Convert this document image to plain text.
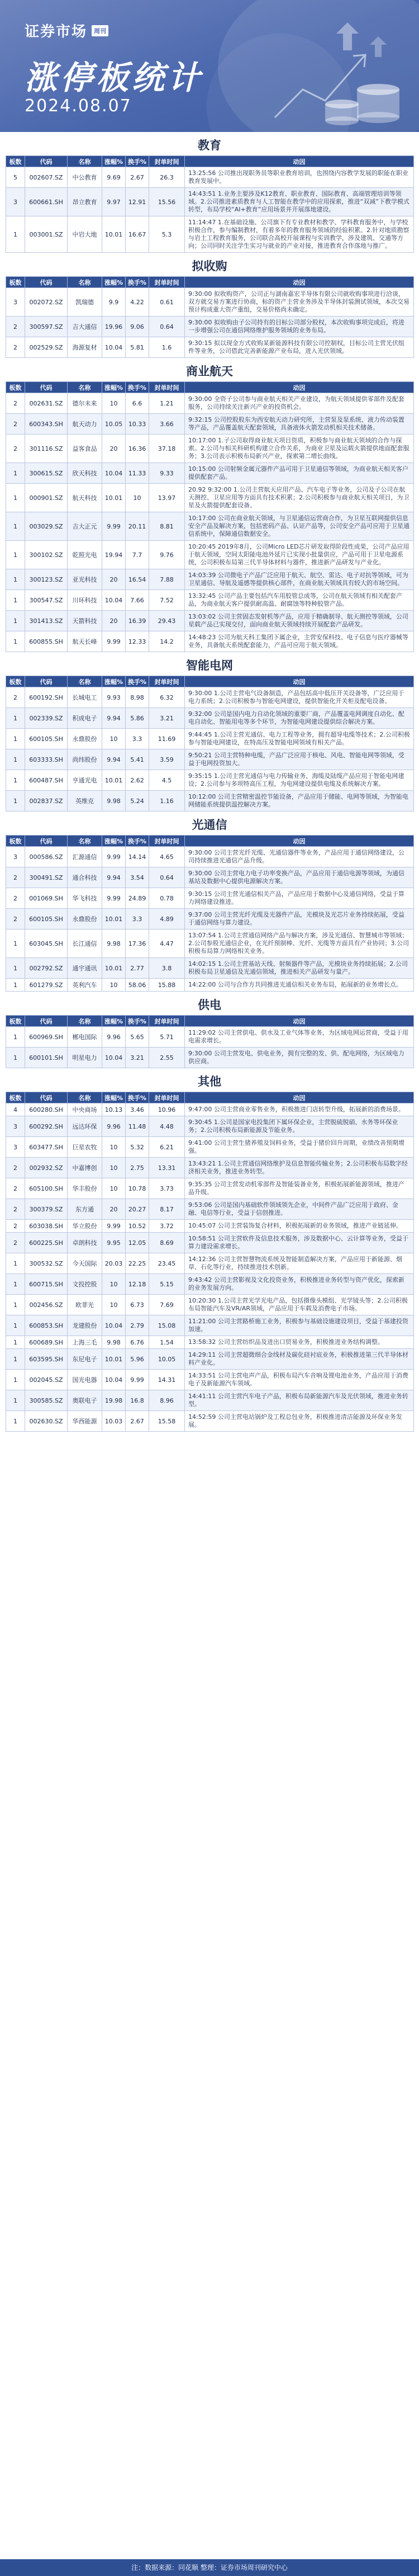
证券市场	周刊
涨停板统计
2024.08.07
教育
板数	代码	名称	涨幅%	换手%	封单时间	动因
5	002607.SZ	中公教育	9.69	2.67	26.3	13:25:56 公司推出现职务员等职业教育培训，也围绕内容教学发展的职能在职业教育发展中。
3	600661.SH	昂立教育	9.97	12.91	15.56	14:43:51 1.业务主要涉及K12教育、职业教育、国际教育、高端管理培训等领域。2.公司推进素质教育与人工智能在教学中的应用探索，推进“双减”下教学模式转型，布局学校“AI+教育”应用场景并开展落地建设。
1	003001.SZ	中岩大地	10.01	16.67	5.3	11:14:47 1.在基础设施、公司旗下有专业教材和教学、学科教育服务中，与学校积极合作，参与编制教材，有着多年的教育服务领域的经验积累。2.针对地质勘察与岩土工程教育服务，公司联合高校开展课程与实训教学，涉及建筑、交通等方向；公司同时关注学生实习与就业的产业对接，推进教育合作落地与推广。
拟收购
板数	代码	名称	涨幅%	换手%	封单时间	动因
3	002072.SZ	凯瑞德	9.9	4.22	0.61	9:30:00 拟收购资产，公司正与湖南嘉宏半导体有限公司就收购事项进行洽谈，双方就交易方案进行协商，标的资产主营业务涉及半导体封装测试领域，本次交易预计构成重大资产重组，交易价格尚未确定。
2	300597.SZ	吉大通信	19.96	9.06	0.64	9:30:00 拟收购由子公司持有的目标公司部分股权，本次收购事项完成后，将进一步增强公司在通信网络维护服务领域的业务布局。
2	002529.SZ	海源复材	10.04	5.81	1.6	9:30:15 拟以现金方式收购某新能源科技有限公司控制权，目标公司主营光伏组件等业务，公司借此完善新能源产业布局，进入光伏领域。
商业航天
板数	代码	名称	涨幅%	换手%	封单时间	动因
2	002631.SZ	德尔未来	10	6.6	1.21	9:30:00 全资子公司参与商业航天相关产业建设，为航天领域提供零部件及配套服务，公司持续关注新兴产业的投资机会。
2	600343.SH	航天动力	10.05	10.33	3.66	9:32:15 公司控股股东为西安航天动力研究所，主营泵及泵系统、液力传动装置等产品，产品覆盖航天配套领域，具备液体火箭发动机相关技术储备。
2	301116.SZ	益客食品	20	16.36	37.18	10:17:00 1.子公司取得商业航天项目资质，积极参与商业航天领域的合作与探索。2.公司与相关科研机构建立合作关系，为商业卫星及运载火箭提供地面配套服务；3.公司表示积极布局新兴产业，探索第二增长曲线。
1	300615.SZ	欣天科技	10.04	11.33	9.33	10:15:00 公司射频金属元器件产品可用于卫星通信等领域，为商业航天相关客户提供配套产品。
1	000901.SZ	航天科技	10.01	10	13.97	20.92 9:32:00 1.公司主营航天应用产品、汽车电子等业务，公司及子公司在航天测控、卫星应用等方面具有技术积累；2.公司积极参与商业航天相关项目，为卫星及火箭提供配套设备。
1	003029.SZ	吉大正元	9.99	20.11	8.81	10:17:00 公司在商业航天领域，与卫星通信运营商合作，为卫星互联网提供信息安全产品及解决方案，包括密码产品、认证产品等，公司安全产品可应用于卫星通信系统中，保障通信数据安全。
1	300102.SZ	乾照光电	19.94	7.7	9.76	10:20:45 2019年8月，公司Micro LED芯片研发取得阶段性成果，公司产品应用于航天领域，空间太阳能电池外延片已实现小批量供应，产品可用于卫星电源系统，公司积极布局第三代半导体材料与器件，推进新产品研发与产业化。
1	300123.SZ	亚光科技	20	16.54	7.88	14:03:39 公司微电子产品广泛应用于航天、航空、雷达、电子对抗等领域，可为卫星通信、导航及遥感等提供核心部件，在商业航天领域具有较大的市场空间。
1	300547.SZ	川环科技	10.04	7.66	7.52	13:32:45 公司产品主要包括汽车用胶管总成等，公司在航天领域有相关配套产品，为商业航天客户提供耐高温、耐腐蚀等特种胶管产品。
1	301413.SZ	天箭科技	20	16.39	29.43	13:03:02 公司主营固态发射机等产品，应用于精确制导、航天测控等领域，公司星载产品已实现交付，面向商业航天领域持续开展配套产品研发。
1	600855.SH	航天长峰	9.99	12.33	14.2	14:48:23 公司为航天科工集团下属企业，主营安保科技、电子信息与医疗器械等业务，具备航天系统配套能力，产品可应用于航天领域。
智能电网
板数	代码	名称	涨幅%	换手%	封单时间	动因
2	600192.SH	长城电工	9.93	8.98	6.32	9:30:00 1.公司主营电气设备制造，产品包括高中低压开关设备等，广泛应用于电力系统；2.公司积极参与智能电网建设，提供智能化开关柜及配电设备。
1	002339.SZ	积成电子	9.94	5.86	3.21	9:32:00 公司是国内电力自动化领域的重要厂商，产品覆盖电网调度自动化、配电自动化、智能用电等多个环节，为智能电网建设提供综合解决方案。
1	600105.SH	永鼎股份	10	3.3	11.69	9:44:45 1.公司主营光通信、电力工程等业务，拥有超导电缆等技术；2.公司积极参与智能电网建设，在特高压及智能电网领域有相关产品。
1	603333.SH	尚纬股份	9.94	5.41	3.59	9:50:21 公司主营特种电缆，产品广泛应用于核电、风电、智能电网等领域，受益于电网投资加大。
1	600487.SH	亨通光电	10.01	2.62	4.5	9:35:15 1.公司主营光通信与电力传输业务，海缆及陆缆产品应用于智能电网建设；2.公司参与多项特高压工程，为电网建设提供电缆及系统解决方案。
1	002837.SZ	英维克	9.98	5.24	1.16	10:12:00 公司主营精密温控节能设备，产品应用于储能、电网等领域，为智能电网储能系统提供温控解决方案。
光通信
板数	代码	名称	涨幅%	换手%	封单时间	动因
3	000586.SZ	汇源通信	9.99	14.14	4.65	9:30:00 公司主营光纤光缆、光通信器件等业务，产品应用于通信网络建设，公司持续推进光通信产品升级。
2	300491.SZ	通合科技	9.94	3.54	0.64	9:30:00 公司主营电力电子功率变换产品，产品应用于通信电源等领域，为通信基站及数据中心提供电源解决方案。
2	001069.SH	华飞科技	9.99	24.89	0.78	9:30:15 公司主营光通信相关产品，产品应用于数据中心及通信网络，受益于算力网络建设推进。
2	600105.SH	永鼎股份	10.01	3.3	4.89	9:37:00 公司主营光纤光缆及光器件产品，光模块及光芯片业务持续拓展，受益于通信网络与算力建设。
1	603045.SH	长江通信	9.98	17.36	4.47	13:07:54 1.公司主营通信网络产品与解决方案，涉及光通信、智慧城市等领域；2.公司参股光通信企业，在光纤预制棒、光纤、光缆等方面具有产业协同；3.公司积极布局算力网络相关业务。
1	002792.SZ	通宇通讯	10.01	2.77	3.8	14:02:15 1.公司主营基站天线、射频器件等产品，光模块业务持续拓展；2.公司积极布局卫星通信及光通信领域，推进相关产品研发与量产。
1	601279.SZ	英利汽车	10	58.06	15.88	14:22:00 公司与合作方共同推进光通信相关业务布局，拓展新的业务增长点。
供电
板数	代码	名称	涨幅%	换手%	封单时间	动因
1	600969.SH	郴电国际	9.96	5.65	5.71	11:29:02 公司主营供电、供水及工业气体等业务，为区域电网运营商，受益于用电需求增长。
1	600101.SH	明星电力	10.04	3.21	2.55	9:30:00 公司主营发电、供电业务，拥有完整的发、供、配电网络，为区域电力供应商。
其他
板数	代码	名称	涨幅%	换手%	封单时间	动因
4	600280.SH	中央商场	10.13	3.46	10.96	9:47:00 公司主营商业零售业务，积极推进门店转型升级，拓展新的消费场景。
3	600292.SH	远达环保	9.96	11.48	4.48	9:30:45 1.公司是国家电投集团下属环保企业，主营脱硫脱硝、水务等环保业务；2.公司积极布局新能源及节能业务。
3	603477.SH	巨星农牧	10	5.32	6.21	9:41:00 公司主营生猪养殖及饲料业务，受益于猪价回升周期，业绩改善预期增强。
2	002932.SZ	中嘉博创	10	2.75	13.31	13:43:21 1.公司主营通信网络维护及信息智能传输业务；2.公司积极布局数字经济相关业务，推进业务转型。
2	605100.SH	华丰股份	10	10.78	3.73	9:35:35 公司主营发动机零部件及智能装备业务，积极拓展新能源领域，推进产品升级。
2	300379.SZ	东方通	20	20.27	8.17	9:53:06 公司是国内基础软件领域领先企业，中间件产品广泛应用于政府、金融、电信等行业，受益于信创推进。
2	603038.SH	华立股份	9.99	10.52	3.72	10:45:07 公司主营装饰复合材料，积极拓展新的业务领域，推进产业链延伸。
2	600225.SH	卓朗科技	9.95	12.05	8.69	10:58:51 公司主营软件及信息技术服务，涉及数据中心、云计算等业务，受益于算力建设需求增长。
1	300532.SZ	今天国际	20.03	22.25	23.45	14:12:36 公司主营智慧物流系统及智能制造解决方案，产品应用于新能源、烟草、石化等行业，持续推进技术创新。
1	600715.SH	文投控股	10	12.18	5.15	9:43:42 公司主营影视及文化投资业务，积极推进业务转型与资产优化，探索新的业务发展方向。
1	002456.SZ	欧菲光	10	6.73	7.69	10:20:30 1.公司主营光学光电产品，包括摄像头模组、光学镜头等；2.公司积极布局智能汽车及VR/AR领域，产品应用于车载及消费电子市场。
1	600853.SH	龙建股份	10.04	2.79	15.08	11:21:00 公司主营路桥施工业务，积极参与基础设施建设项目，受益于基建投资加速。
1	600689.SH	上海三毛	9.98	6.76	1.54	13:58:32 公司主营纺织品及进出口贸易业务，积极推进业务结构调整。
1	603595.SH	东尼电子	10.01	5.96	10.05	14:29:11 公司主营超微细合金线材及碳化硅衬底业务，积极推进第三代半导体材料产业化。
1	002045.SZ	国光电器	10.04	9.99	14.31	14:33:51 公司主营电声产品，积极布局汽车音响及锂电池业务，产品应用于消费电子及新能源汽车领域。
1	300585.SZ	奥联电子	19.98	16.8	8.96	14:41:11 公司主营汽车电子产品，积极布局新能源汽车及光伏领域，推进业务转型。
1	002630.SZ	华西能源	10.03	2.67	15.58	14:52:59 公司主营电站锅炉及工程总包业务，积极推进清洁能源及环保业务发展。
注：数据来源：同花顺 整理：证券市场周刊研究中心
